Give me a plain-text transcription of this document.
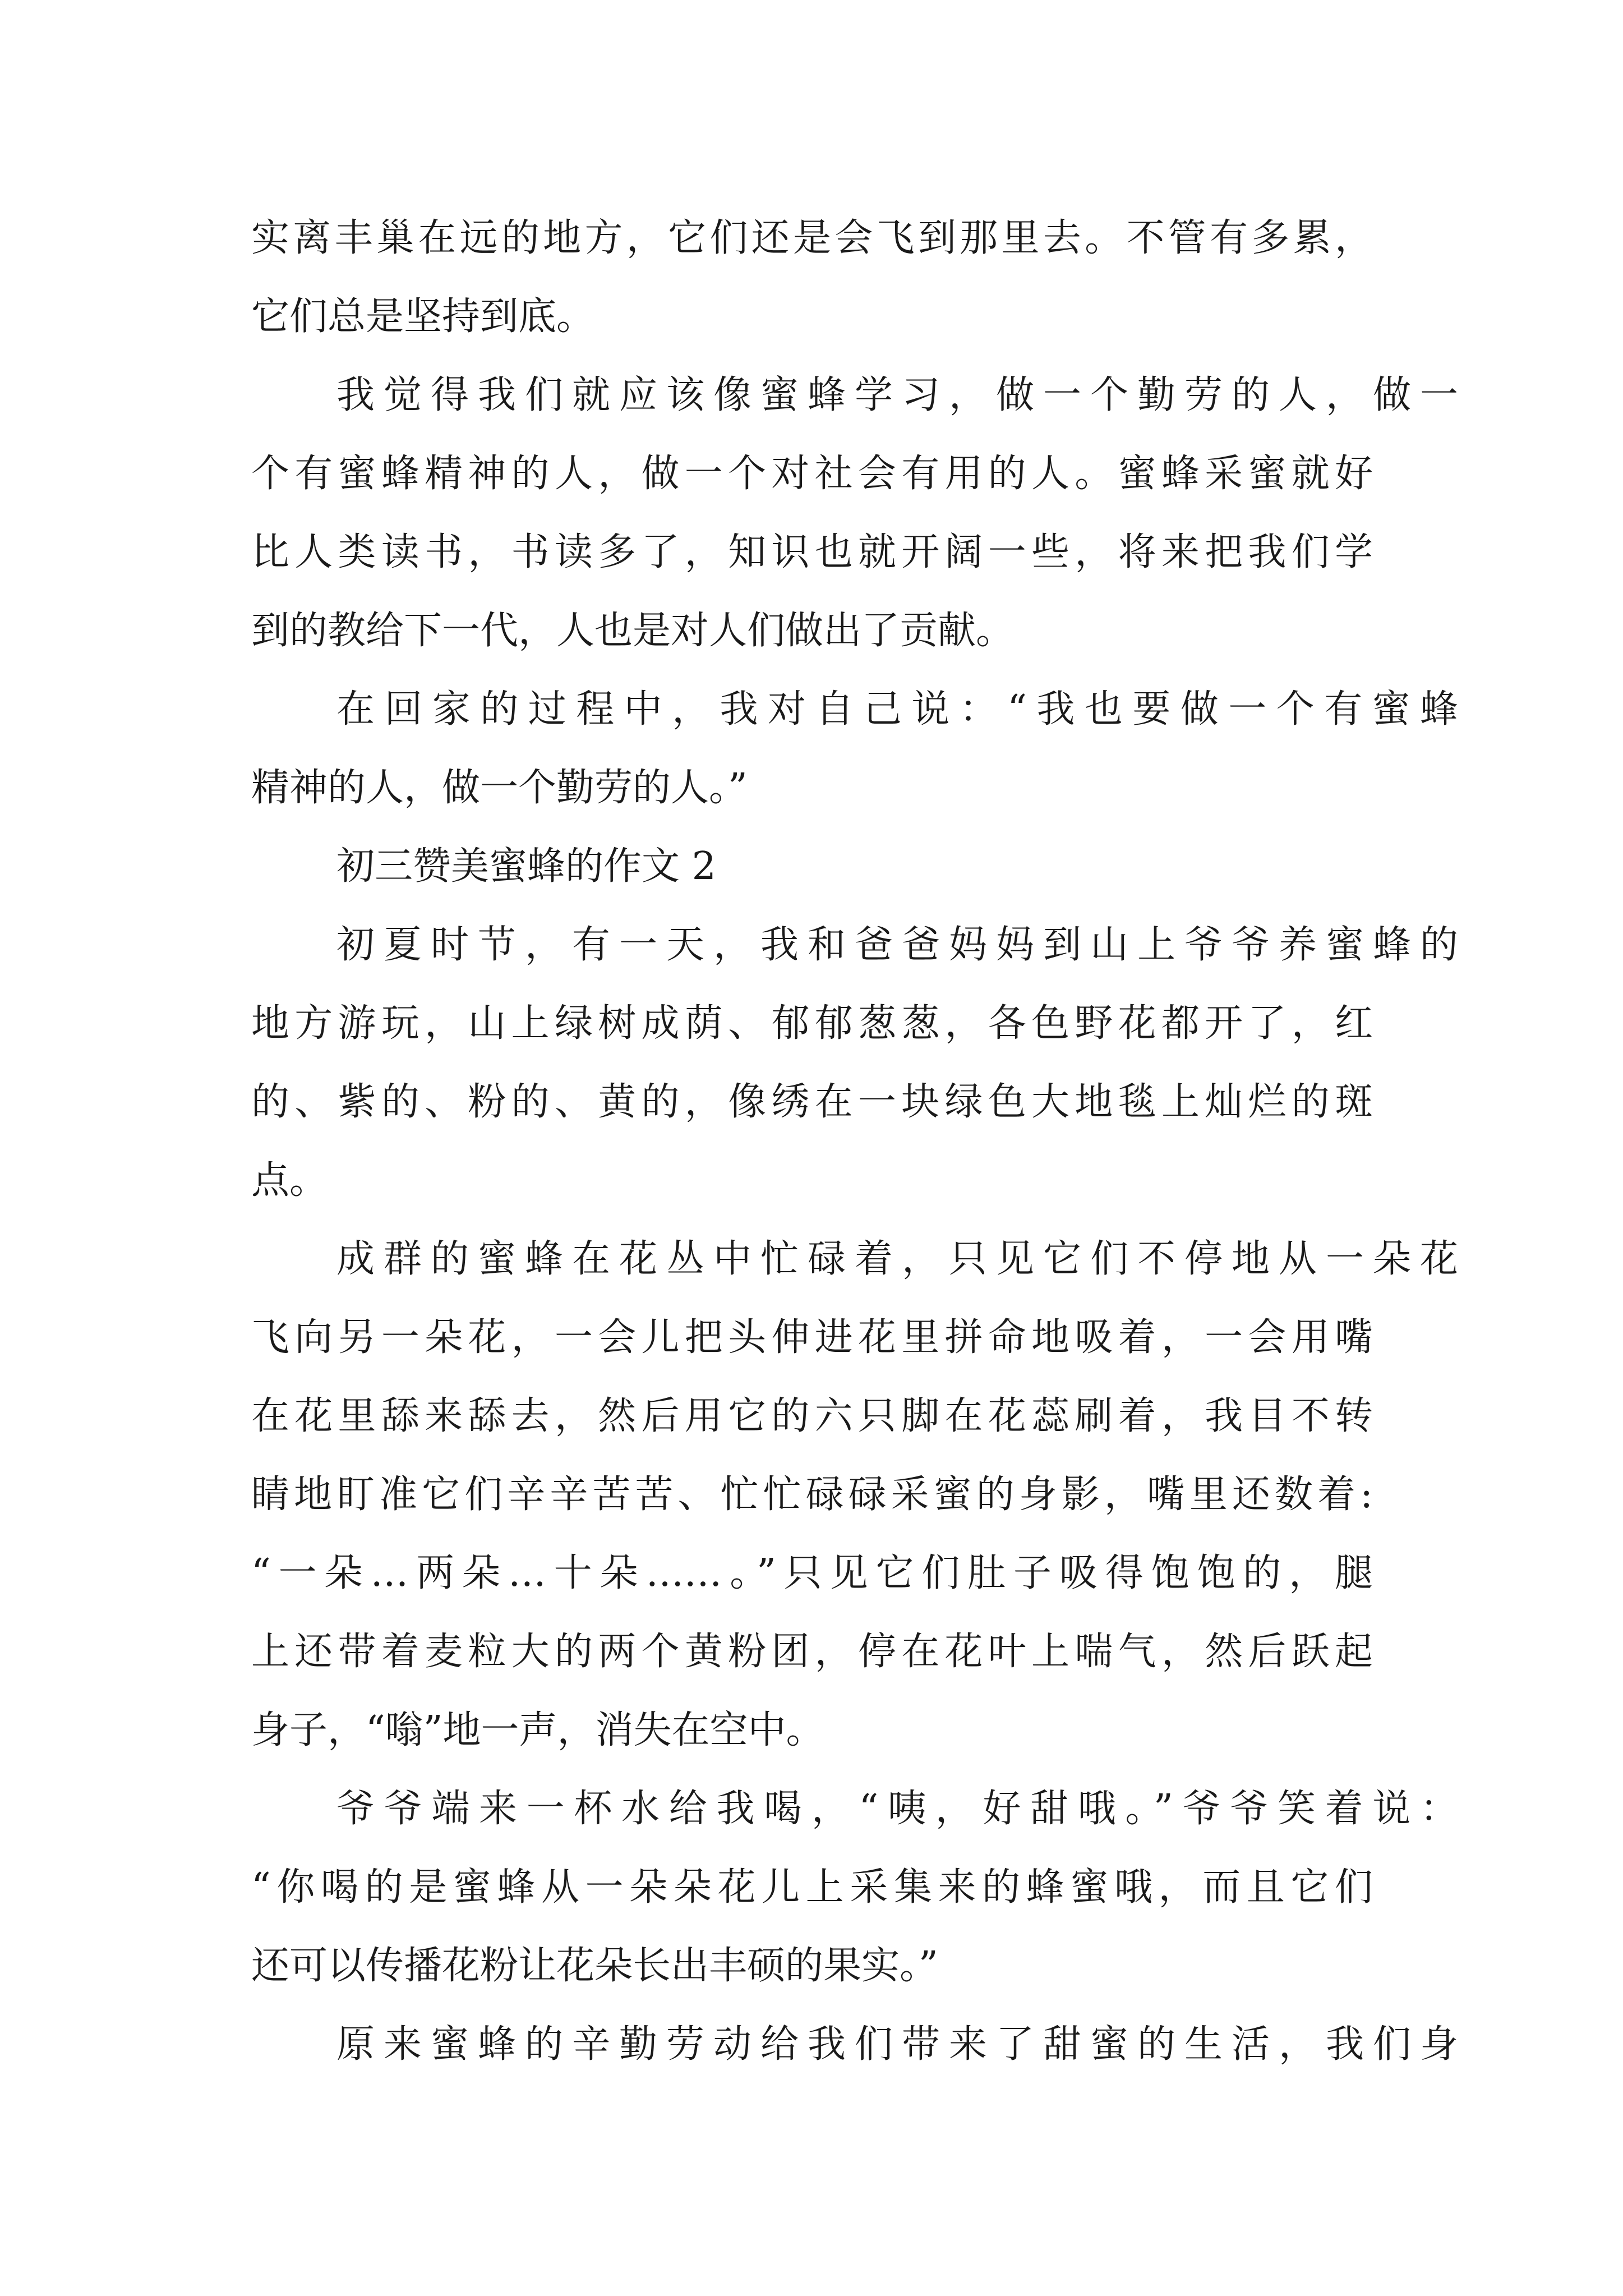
实离丰巢在远的地方，它们还是会飞到那里去。不管有多累，
它们总是坚持到底。
我觉得我们就应该像蜜蜂学习，做一个勤劳的人，做一
个有蜜蜂精神的人，做一个对社会有用的人。蜜蜂采蜜就好
比人类读书，书读多了，知识也就开阔一些，将来把我们学
到的教给下一代，人也是对人们做出了贡献。
在回家的过程中，我对自己说：“我也要做一个有蜜蜂
精神的人，做一个勤劳的人。”
初三赞美蜜蜂的作文 2
初夏时节，有一天，我和爸爸妈妈到山上爷爷养蜜蜂的
地方游玩，山上绿树成荫、郁郁葱葱，各色野花都开了，红
的、紫的、粉的、黄的，像绣在一块绿色大地毯上灿烂的斑
点。
成群的蜜蜂在花丛中忙碌着，只见它们不停地从一朵花
飞向另一朵花，一会儿把头伸进花里拼命地吸着，一会用嘴
在花里舔来舔去，然后用它的六只脚在花蕊刷着，我目不转
睛地盯准它们辛辛苦苦、忙忙碌碌采蜜的身影，嘴里还数着:
“一朵…两朵…十朵……。”只见它们肚子吸得饱饱的，腿
上还带着麦粒大的两个黄粉团，停在花叶上喘气，然后跃起
身子，“嗡”地一声，消失在空中。
爷爷端来一杯水给我喝，“咦，好甜哦。”爷爷笑着说：
“你喝的是蜜蜂从一朵朵花儿上采集来的蜂蜜哦，而且它们
还可以传播花粉让花朵长出丰硕的果实。”
原来蜜蜂的辛勤劳动给我们带来了甜蜜的生活，我们身
